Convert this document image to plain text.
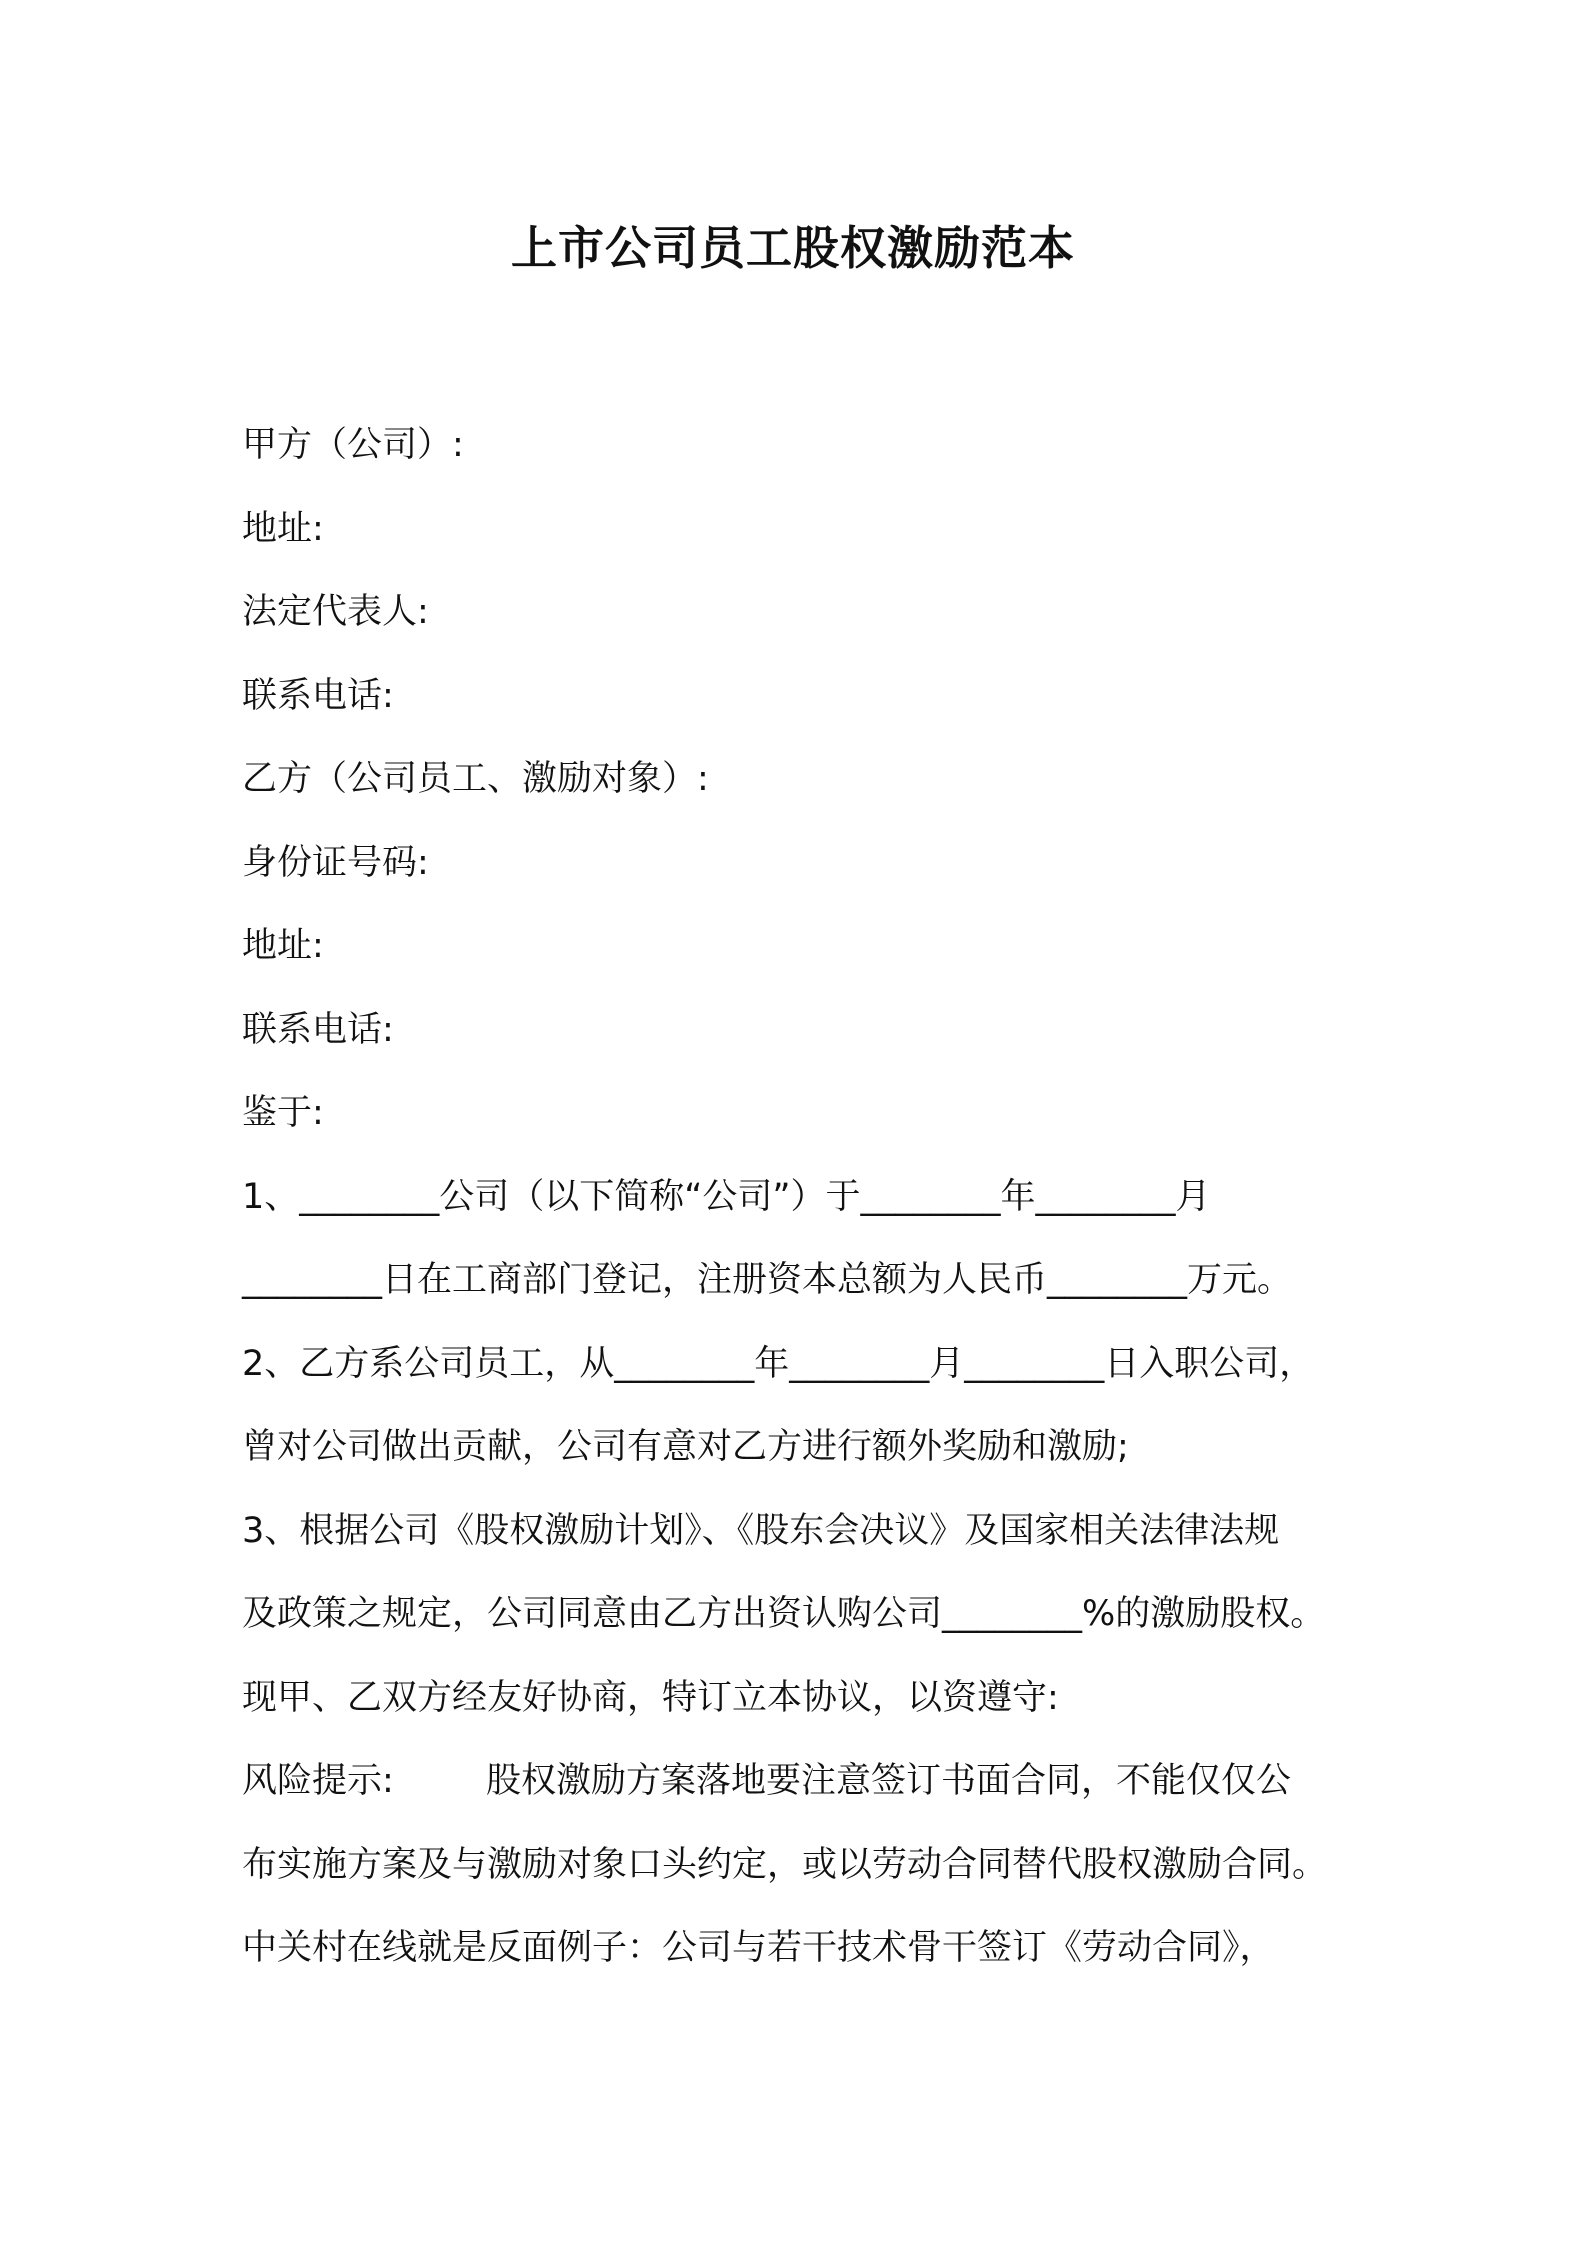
上市公司员工股权激励范本

甲方（公司）:

地址:

法定代表人:

联系电话:

乙方（公司员工、激励对象）:

身份证号码:

地址:

联系电话:

鉴于:

1、________公司（以下简称“公司”）于________年________月

________日在工商部门登记，注册资本总额为人民币________万元。

2、乙方系公司员工，从________年________月________日入职公司，

曾对公司做出贡献，公司有意对乙方进行额外奖励和激励;

3、根据公司《股权激励计划》、《股东会决议》及国家相关法律法规

及政策之规定，公司同意由乙方出资认购公司________%的激励股权。

现甲、乙双方经友好协商，特订立本协议，以资遵守:

风险提示:	股权激励方案落地要注意签订书面合同，不能仅仅公

布实施方案及与激励对象口头约定，或以劳动合同替代股权激励合同。

中关村在线就是反面例子：公司与若干技术骨干签订《劳动合同》，
